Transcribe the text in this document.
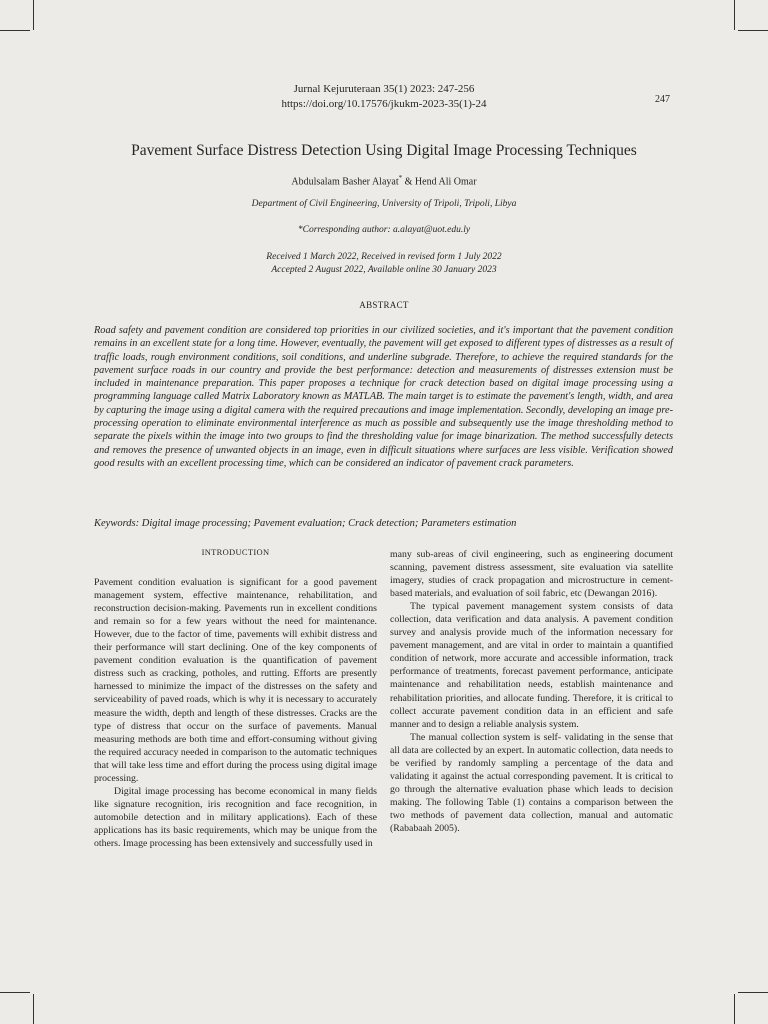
247
Jurnal Kejuruteraan 35(1) 2023: 247-256
https://doi.org/10.17576/jkukm-2023-35(1)-24
Pavement Surface Distress Detection Using Digital Image Processing Techniques
Abdulsalam Basher Alayat* & Hend Ali Omar
Department of Civil Engineering, University of Tripoli, Tripoli, Libya
*Corresponding author: a.alayat@uot.edu.ly
Received 1 March 2022, Received in revised form 1 July 2022
Accepted 2 August 2022, Available online 30 January 2023
ABSTRACT

Road safety and pavement condition are considered top priorities in our civilized societies, and it's important that the pavement condition remains in an excellent state for a long time. However, eventually, the pavement will get exposed to different types of distresses as a result of traffic loads, rough environment conditions, soil conditions, and underline subgrade. Therefore, to achieve the required standards for the pavement surface roads in our country and provide the best performance: detection and measurements of distresses extension must be included in maintenance preparation. This paper proposes a technique for crack detection based on digital image processing using a programming language called Matrix Laboratory known as MATLAB. The main target is to estimate the pavement's length, width, and area by capturing the image using a digital camera with the required precautions and image implementation. Secondly, developing an image pre-processing operation to eliminate environmental interference as much as possible and subsequently use the image thresholding method to separate the pixels within the image into two groups to find the thresholding value for image binarization. The method successfully detects and removes the presence of unwanted objects in an image, even in difficult situations where surfaces are less visible. Verification showed good results with an excellent processing time, which can be considered an indicator of pavement crack parameters.

Keywords: Digital image processing; Pavement evaluation; Crack detection; Parameters estimation

INTRODUCTION

Pavement condition evaluation is significant for a good pavement management system, effective maintenance, rehabilitation, and reconstruction decision-making. Pavements run in excellent conditions and remain so for a few years without the need for maintenance. However, due to the factor of time, pavements will exhibit distress and their performance will start declining. One of the key components of pavement condition evaluation is the quantification of pavement distress such as cracking, potholes, and rutting. Efforts are presently harnessed to minimize the impact of the distresses on the safety and serviceability of paved roads, which is why it is necessary to accurately measure the width, depth and length of these distresses. Cracks are the type of distress that occur on the surface of pavements. Manual measuring methods are both time and effort-consuming without giving the required accuracy needed in comparison to the automatic techniques that will take less time and effort during the process using digital image processing.

Digital image processing has become economical in many fields like signature recognition, iris recognition and face recognition, in automobile detection and in military applications). Each of these applications has its basic requirements, which may be unique from the others. Image processing has been extensively and successfully used in

many sub-areas of civil engineering, such as engineering document scanning, pavement distress assessment, site evaluation via satellite imagery, studies of crack propagation and microstructure in cement-based materials, and evaluation of soil fabric, etc (Dewangan 2016).

The typical pavement management system consists of data collection, data verification and data analysis. A pavement condition survey and analysis provide much of the information necessary for pavement management, and are vital in order to maintain a quantified condition of network, more accurate and accessible information, track performance of treatments, forecast pavement performance, anticipate maintenance and rehabilitation needs, establish maintenance and rehabilitation priorities, and allocate funding. Therefore, it is critical to collect accurate pavement condition data in an efficient and safe manner and to design a reliable analysis system.

The manual collection system is self- validating in the sense that all data are collected by an expert. In automatic collection, data needs to be verified by randomly sampling a percentage of the data and validating it against the actual corresponding pavement. It is critical to go through the alternative evaluation phase which leads to decision making. The following Table (1) contains a comparison between the two methods of pavement data collection, manual and automatic (Rababaah 2005).
